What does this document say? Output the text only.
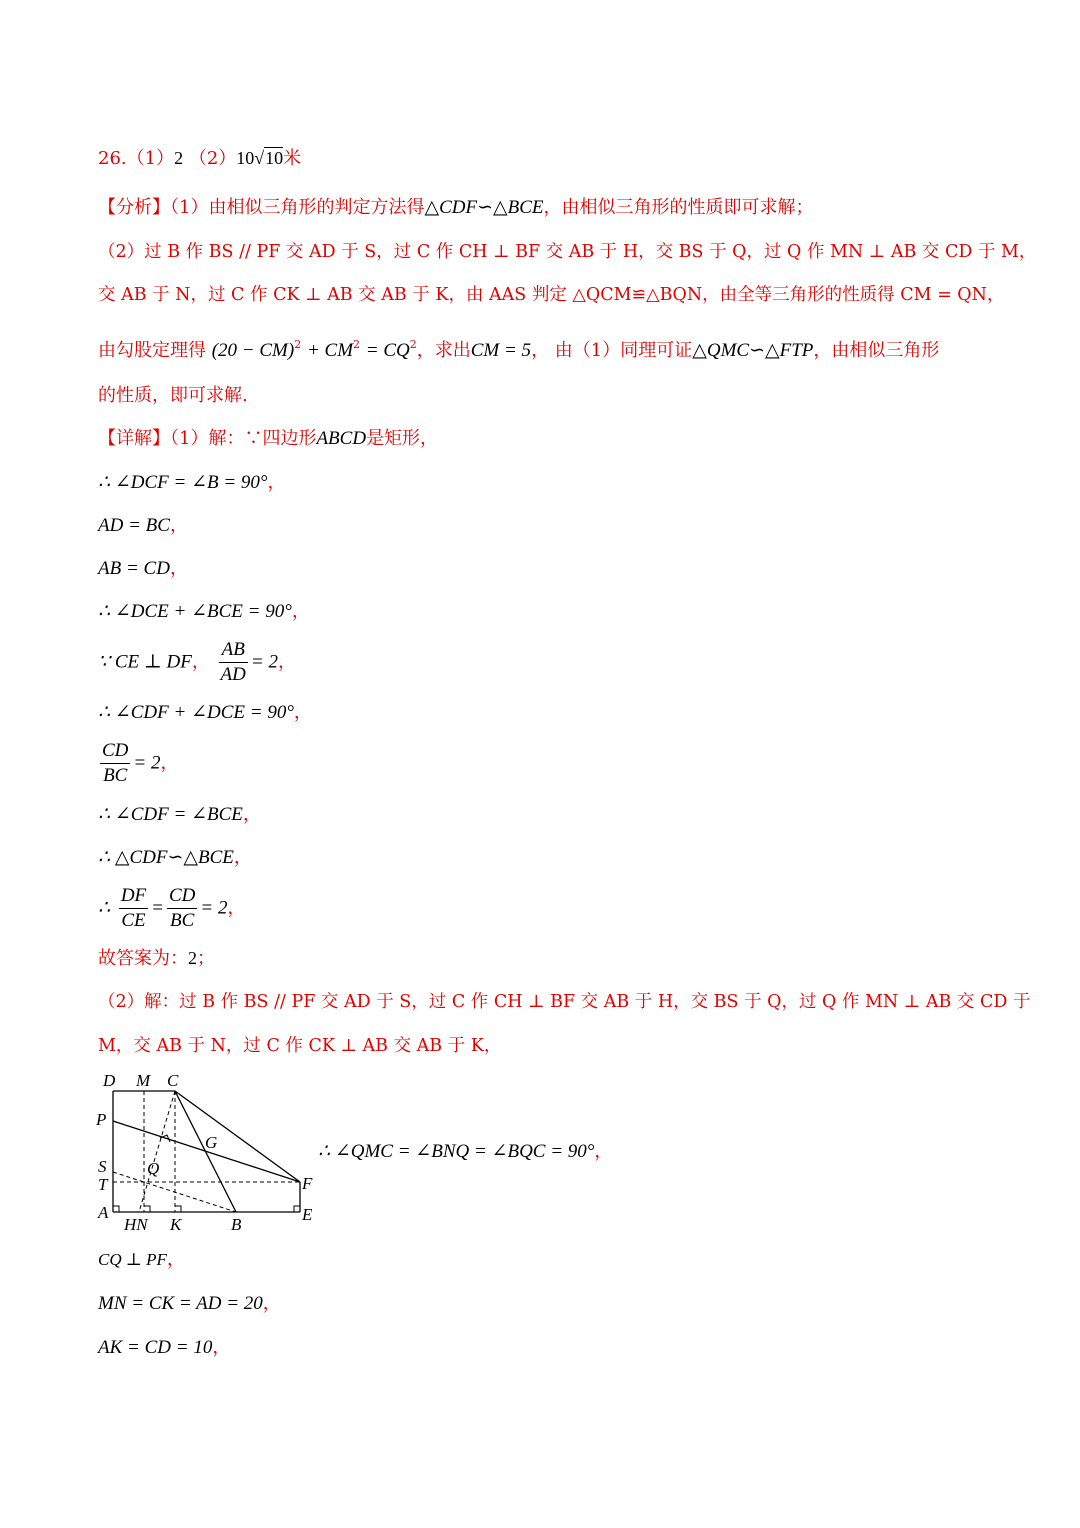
26.（1）2 （2）10√10米
【分析】（1）由相似三角形的判定方法得△CDF∽△BCE，由相似三角形的性质即可求解；
（2）过 B 作 BS // PF 交 AD 于 S，过 C 作 CH ⊥ BF 交 AB 于 H，交 BS 于 Q，过 Q 作 MN ⊥ AB 交 CD 于 M，
交 AB 于 N，过 C 作 CK ⊥ AB 交 AB 于 K，由 AAS 判定 △QCM≌△BQN，由全等三角形的性质得 CM = QN，
由勾股定理得 $(20 - CM)^2 + CM^2 = CQ^2$，求出CM = 5， 由（1）同理可证△QMC∽△FTP，由相似三角形
的性质，即可求解.
【详解】（1）解：∵四边形ABCD是矩形，
∴ ∠DCF = ∠B = 90°，
AD = BC，
AB = CD，
∴ ∠DCE + ∠BCE = 90°，
∵ CE ⊥ DF， $\frac{AB}{AD} = 2$，
∴ ∠CDF + ∠DCE = 90°，
$\frac{CD}{BC} = 2$，
∴ ∠CDF = ∠BCE，
∴ △CDF∽△BCE，
∴ $\frac{DF}{CE} = \frac{CD}{BC} = 2$，
故答案为：2；
（2）解：过 B 作 BS // PF 交 AD 于 S，过 C 作 CH ⊥ BF 交 AB 于 H，交 BS 于 Q，过 Q 作 MN ⊥ AB 交 CD 于
M，交 AB 于 N，过 C 作 CK ⊥ AB 交 AB 于 K，
D M C
P
G
S Q
T	F
A
HN K	B
E
∴ ∠QMC = ∠BNQ = ∠BQC = 90°，
CQ ⊥ PF，
MN = CK = AD = 20，
AK = CD = 10，
